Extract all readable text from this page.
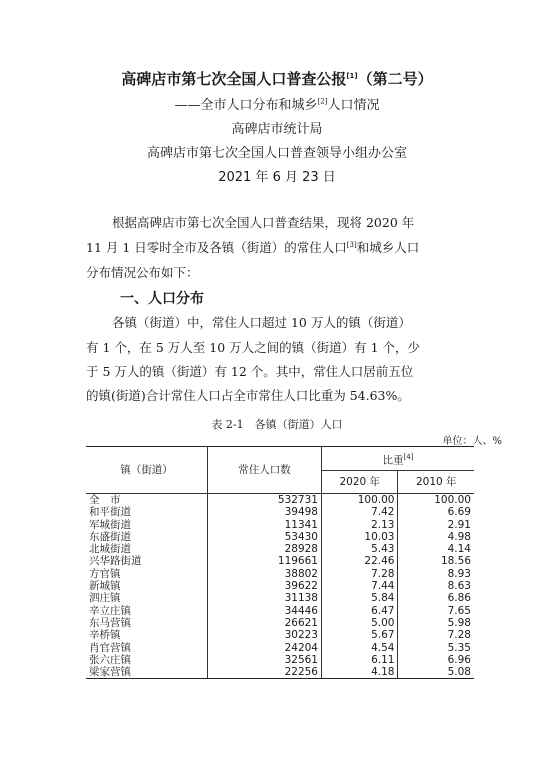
高碑店市第七次全国人口普查公报[1]（第二号）
——全市人口分布和城乡[2]人口情况
高碑店市统计局
高碑店市第七次全国人口普查领导小组办公室
2021 年 6 月 23 日
根据高碑店市第七次全国人口普查结果，现将 2020 年
11 月 1 日零时全市及各镇（街道）的常住人口[3]和城乡人口
分布情况公布如下：
一、人口分布
各镇（街道）中，常住人口超过 10 万人的镇（街道）
有 1 个，在 5 万人至 10 万人之间的镇（街道）有 1 个，少
于 5 万人的镇（街道）有 12 个。其中，常住人口居前五位
的镇(街道)合计常住人口占全市常住人口比重为 54.63%。
表 2-1　各镇（街道）人口
单位：人、%
镇（街道）	常住人口数	比重[4]
		2020 年	2010 年
全　市	532731	100.00	100.00
和平街道	39498	7.42	6.69
军城街道	11341	2.13	2.91
东盛街道	53430	10.03	4.98
北城街道	28928	5.43	4.14
兴华路街道	119661	22.46	18.56
方官镇	38802	7.28	8.93
新城镇	39622	7.44	8.63
泗庄镇	31138	5.84	6.86
辛立庄镇	34446	6.47	7.65
东马营镇	26621	5.00	5.98
辛桥镇	30223	5.67	7.28
肖官营镇	24204	4.54	5.35
张六庄镇	32561	6.11	6.96
梁家营镇	22256	4.18	5.08
